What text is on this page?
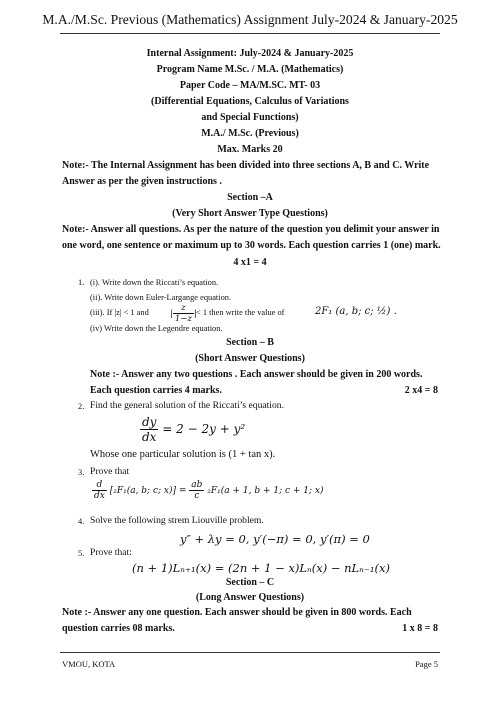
M.A./M.Sc. Previous (Mathematics) Assignment July-2024 & January-2025
Internal Assignment: July-2024 & January-2025
Program Name M.Sc. / M.A. (Mathematics)
Paper Code – MA/M.SC. MT- 03
(Differential Equations, Calculus of Variations
and Special Functions)
M.A./ M.Sc. (Previous)
Max. Marks 20
Note:- The Internal Assignment has been divided into three sections A, B and C. Write
Answer as per the given instructions .
Section –A
(Very Short Answer Type Questions)
Note:- Answer all questions. As per the nature of the question you delimit your answer in
one word, one sentence or maximum up to 30 words. Each question carries 1 (one) mark.
4 x1 = 4
1. (i). Write down the Riccati’s equation.
(ii). Write down Euler-Largange equation.
(iii). If |z| < 1 and | $\frac{z}{1-z}$ | < 1 then write the value of	2F₁ (a, b; c; ½) .
(iv) Write down the Legendre equation.
Section – B
(Short Answer Questions)
Note :- Answer any two questions . Each answer should be given in 200 words.
Each question carries 4 marks.	2 x4 = 8
2. Find the general solution of the Riccati’s equation.
$\frac{dy}{dx} = 2 - 2y + y^2$
Whose one particular solution is (1 + tan x).
3. Prove that
$\frac{d}{dx} [_2F_1(a$, b; c; $x)] = \frac{ab}{c} _2F_1(a + 1$, b + 1; c + 1; x)
4. Solve the following strem Liouville problem.
y″ + λy = 0, y′(−π) = 0, y′(π) = 0
5. Prove that:
(n + 1)Lₙ₊₁(x) = (2n + 1 − x)Lₙ(x) − nLₙ₋₁(x)
Section – C
(Long Answer Questions)
Note :- Answer any one question. Each answer should be given in 800 words. Each
question carries 08 marks.	1 x 8 = 8
VMOU, KOTA	Page 5
